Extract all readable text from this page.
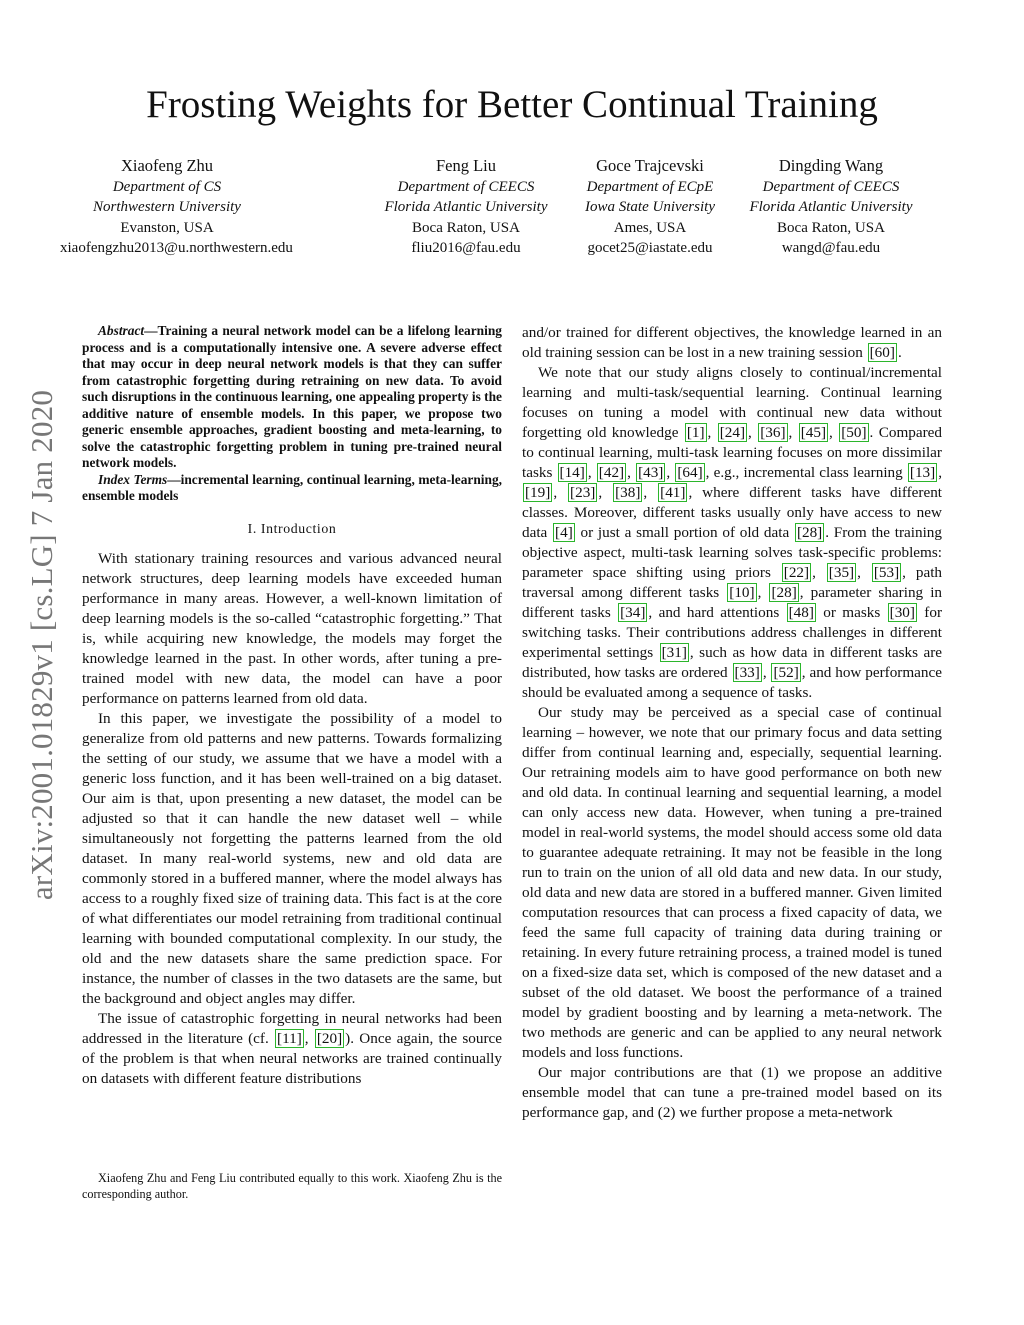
Frosting Weights for Better Continual Training
Xiaofeng Zhu
Department of CS
Northwestern University
Evanston, USA
xiaofengzhu2013@u.northwestern.edu
Feng Liu
Department of CEECS
Florida Atlantic University
Boca Raton, USA
fliu2016@fau.edu
Goce Trajcevski
Department of ECpE
Iowa State University
Ames, USA
gocet25@iastate.edu
Dingding Wang
Department of CEECS
Florida Atlantic University
Boca Raton, USA
wangd@fau.edu
arXiv:2001.01829v1 [cs.LG] 7 Jan 2020

Abstract—Training a neural network model can be a lifelong learning process and is a computationally intensive one. A severe adverse effect that may occur in deep neural network models is that they can suffer from catastrophic forgetting during retraining on new data. To avoid such disruptions in the continuous learning, one appealing property is the additive nature of ensemble models. In this paper, we propose two generic ensemble approaches, gradient boosting and meta-learning, to solve the catastrophic forgetting problem in tuning pre-trained neural network models.

Index Terms—incremental learning, continual learning, meta-learning, ensemble models

I. Introduction

With stationary training resources and various advanced neural network structures, deep learning models have exceeded human performance in many areas. However, a well-known limitation of deep learning models is the so-called “catastrophic forgetting.” That is, while acquiring new knowledge, the models may forget the knowledge learned in the past. In other words, after tuning a pre-trained model with new data, the model can have a poor performance on patterns learned from old data.

In this paper, we investigate the possibility of a model to generalize from old patterns and new patterns. Towards formalizing the setting of our study, we assume that we have a model with a generic loss function, and it has been well-trained on a big dataset. Our aim is that, upon presenting a new dataset, the model can be adjusted so that it can handle the new dataset well – while simultaneously not forgetting the patterns learned from the old dataset. In many real-world systems, new and old data are commonly stored in a buffered manner, where the model always has access to a roughly fixed size of training data. This fact is at the core of what differentiates our model retraining from traditional continual learning with bounded computational complexity. In our study, the old and the new datasets share the same prediction space. For instance, the number of classes in the two datasets are the same, but the background and object angles may differ.

The issue of catastrophic forgetting in neural networks had been addressed in the literature (cf. [11] , [20] ). Once again, the source of the problem is that when neural networks are trained continually on datasets with different feature distributions

Xiaofeng Zhu and Feng Liu contributed equally to this work. Xiaofeng Zhu is the corresponding author.

and/or trained for different objectives, the knowledge learned in an old training session can be lost in a new training session [60] .

We note that our study aligns closely to continual/incremental learning and multi-task/sequential learning. Continual learning focuses on tuning a model with continual new data without forgetting old knowledge [1] , [24] , [36] , [45] , [50] . Compared to continual learning, multi-task learning focuses on more dissimilar tasks [14] , [42] , [43] , [64] , e.g., incremental class learning [13] , [19] , [23] , [38] , [41] , where different tasks have different classes. Moreover, different tasks usually only have access to new data [4] or just a small portion of old data [28] . From the training objective aspect, multi-task learning solves task-specific problems: parameter space shifting using priors [22] , [35] , [53] , path traversal among different tasks [10] , [28] , parameter sharing in different tasks [34] , and hard attentions [48] or masks [30] for switching tasks. Their contributions address challenges in different experimental settings [31] , such as how data in different tasks are distributed, how tasks are ordered [33] , [52] , and how performance should be evaluated among a sequence of tasks.

Our study may be perceived as a special case of continual learning – however, we note that our primary focus and data setting differ from continual learning and, especially, sequential learning. Our retraining models aim to have good performance on both new and old data. In continual learning and sequential learning, a model can only access new data. However, when tuning a pre-trained model in real-world systems, the model should access some old data to guarantee adequate retraining. It may not be feasible in the long run to train on the union of all old data and new data. In our study, old data and new data are stored in a buffered manner. Given limited computation resources that can process a fixed capacity of data, we feed the same full capacity of training data during training or retaining. In every future retraining process, a trained model is tuned on a fixed-size data set, which is composed of the new dataset and a subset of the old dataset. We boost the performance of a trained model by gradient boosting and by learning a meta-network. The two methods are generic and can be applied to any neural network models and loss functions.

Our major contributions are that (1) we propose an additive ensemble model that can tune a pre-trained model based on its performance gap, and (2) we further propose a meta-network
